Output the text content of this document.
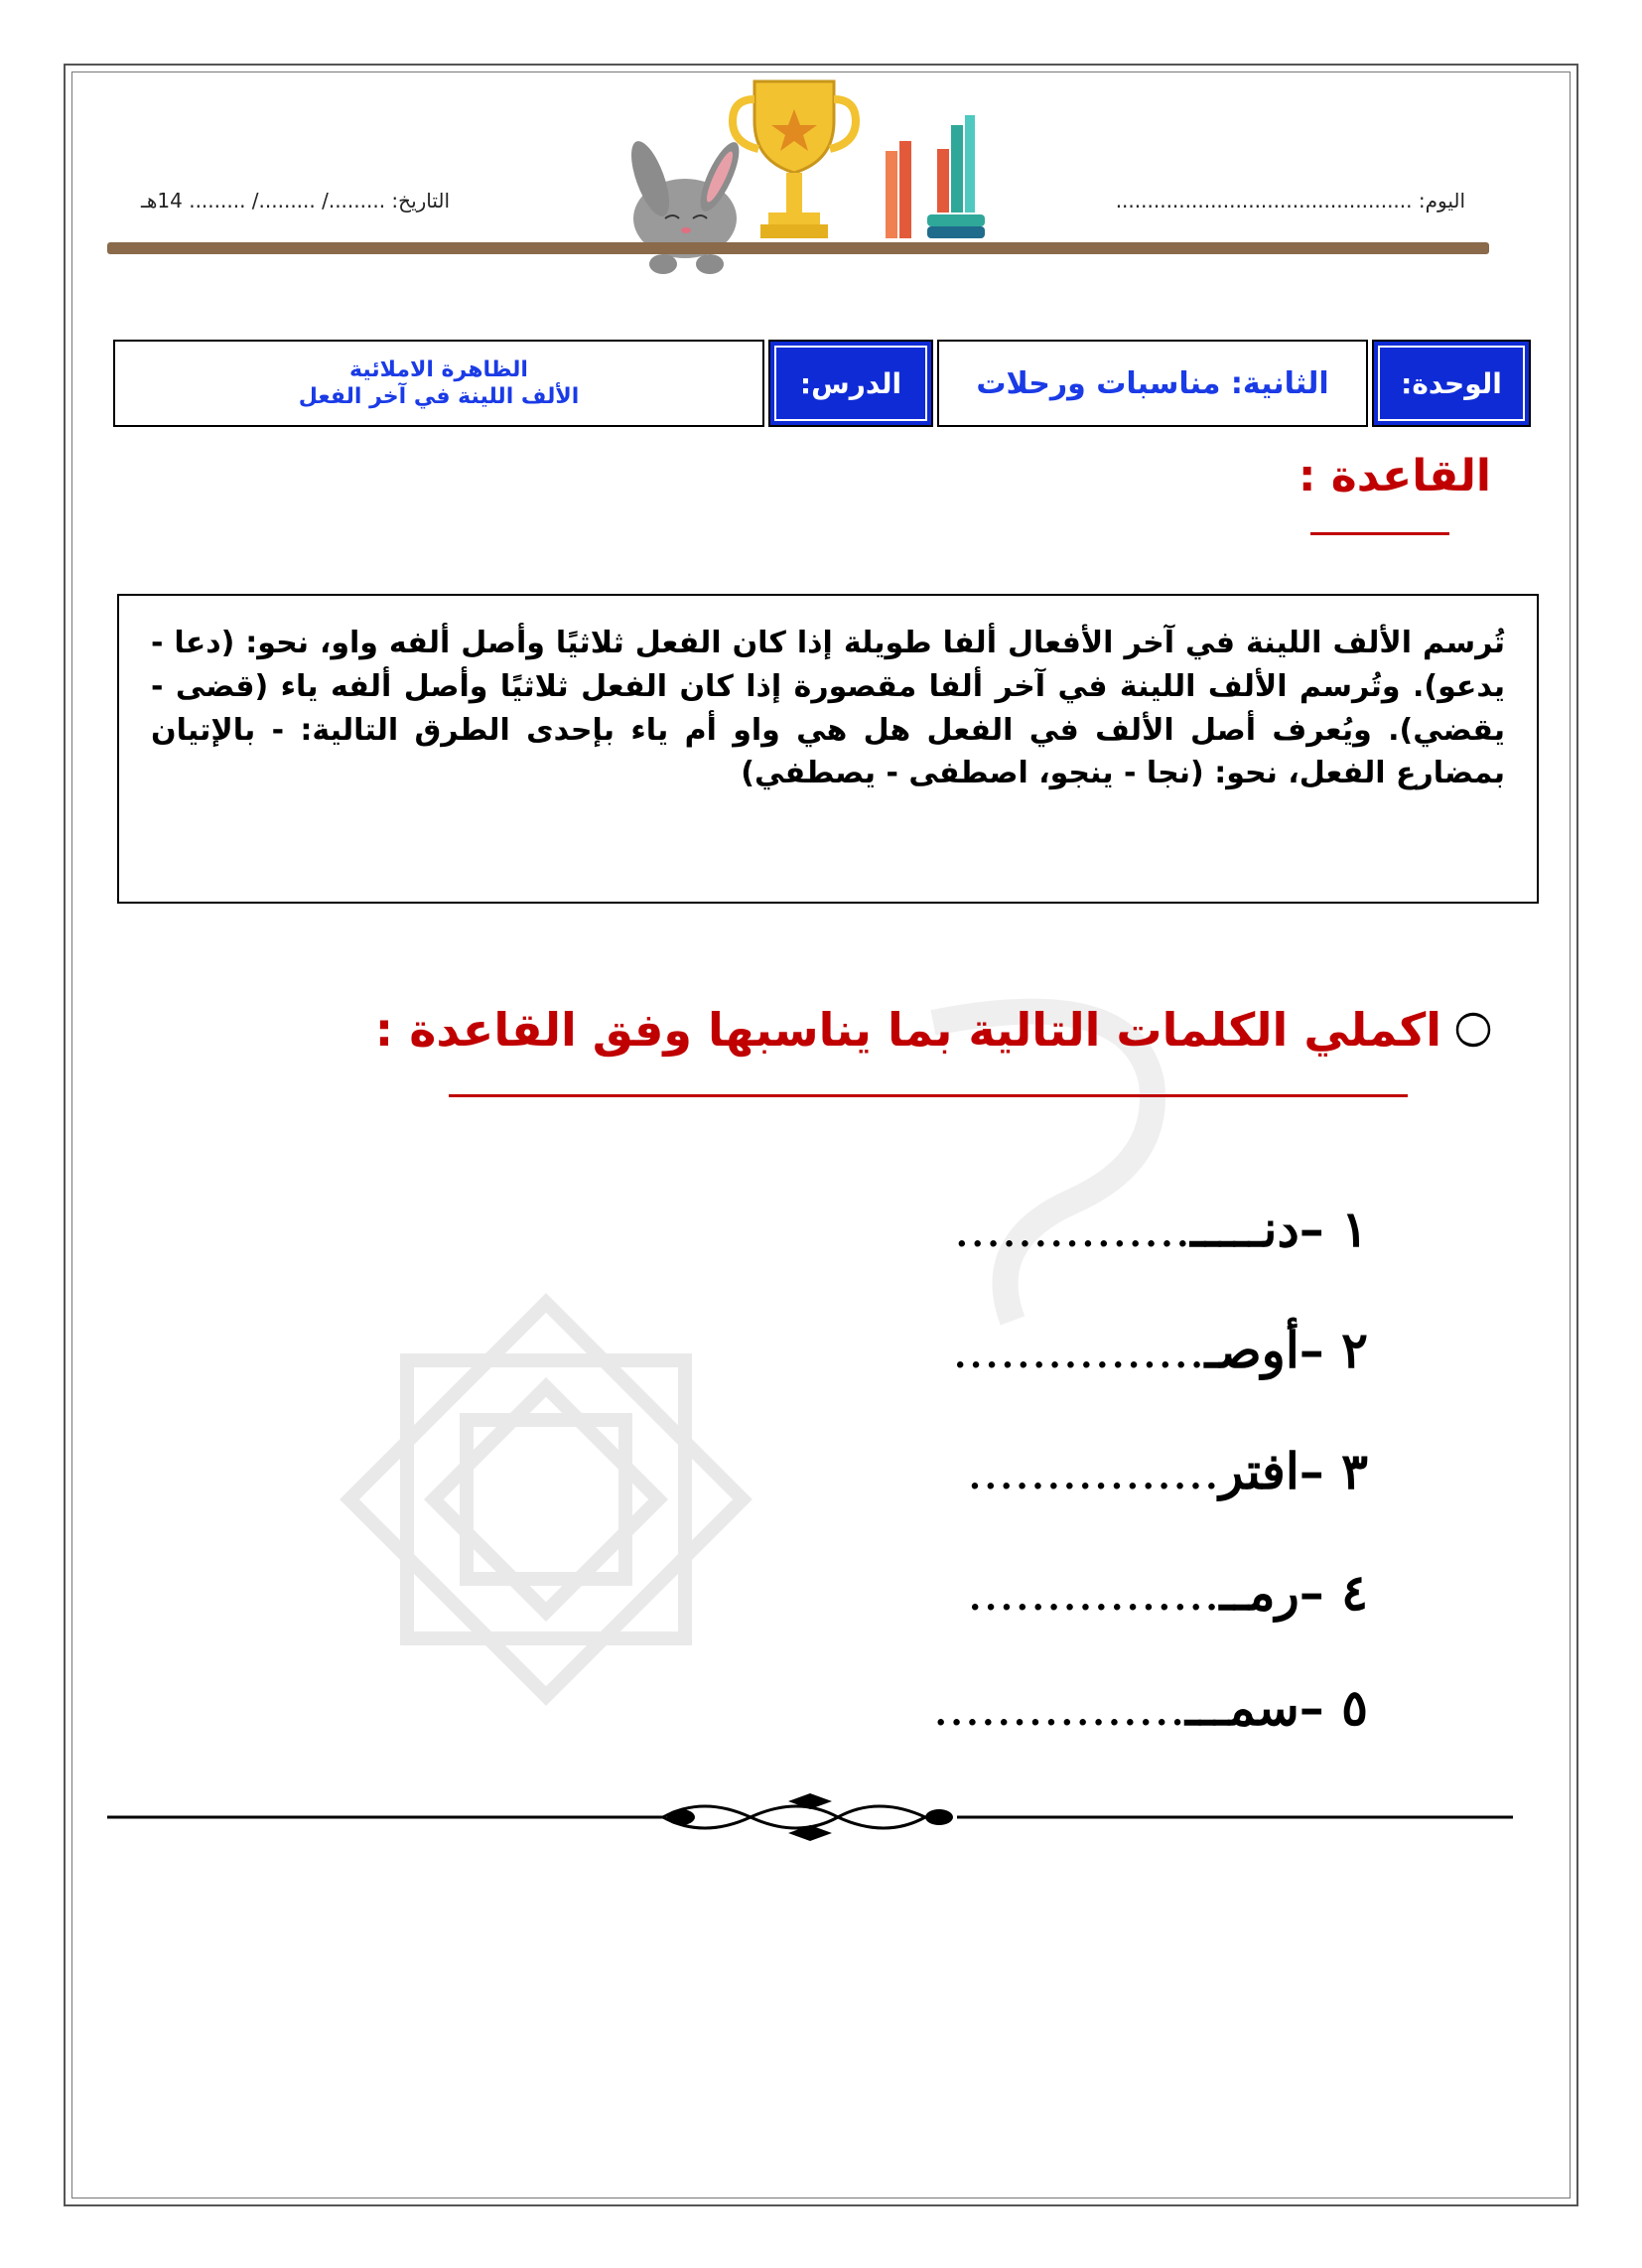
اليوم: ...............................................
التاريخ: ........./ ........./ ......... 14هـ
الوحدة:
الثانية: مناسبات ورحلات
الدرس:
الظاهرة الاملائية
الألف اللينة في آخر الفعل
القاعدة :
تُرسم الألف اللينة في آخر الأفعال ألفا طويلة إذا كان الفعل ثلاثيًا وأصل ألفه واو، نحو: (دعا - يدعو). وتُرسم الألف اللينة في آخر ألفا مقصورة إذا كان الفعل ثلاثيًا وأصل ألفه ياء (قضى - يقضي). ويُعرف أصل الألف في الفعل هل هي واو أم ياء بإحدى الطرق التالية: - بالإتيان بمضارع الفعل، نحو: (نجا - ينجو، اصطفى - يصطفي)
اكملي الكلمات التالية بما يناسبها وفق القاعدة :
١ –دنـــــ...............
٢ –أوصـ................
٣ –افتر................
٤ –رمــ................
٥ –سمـــ................
